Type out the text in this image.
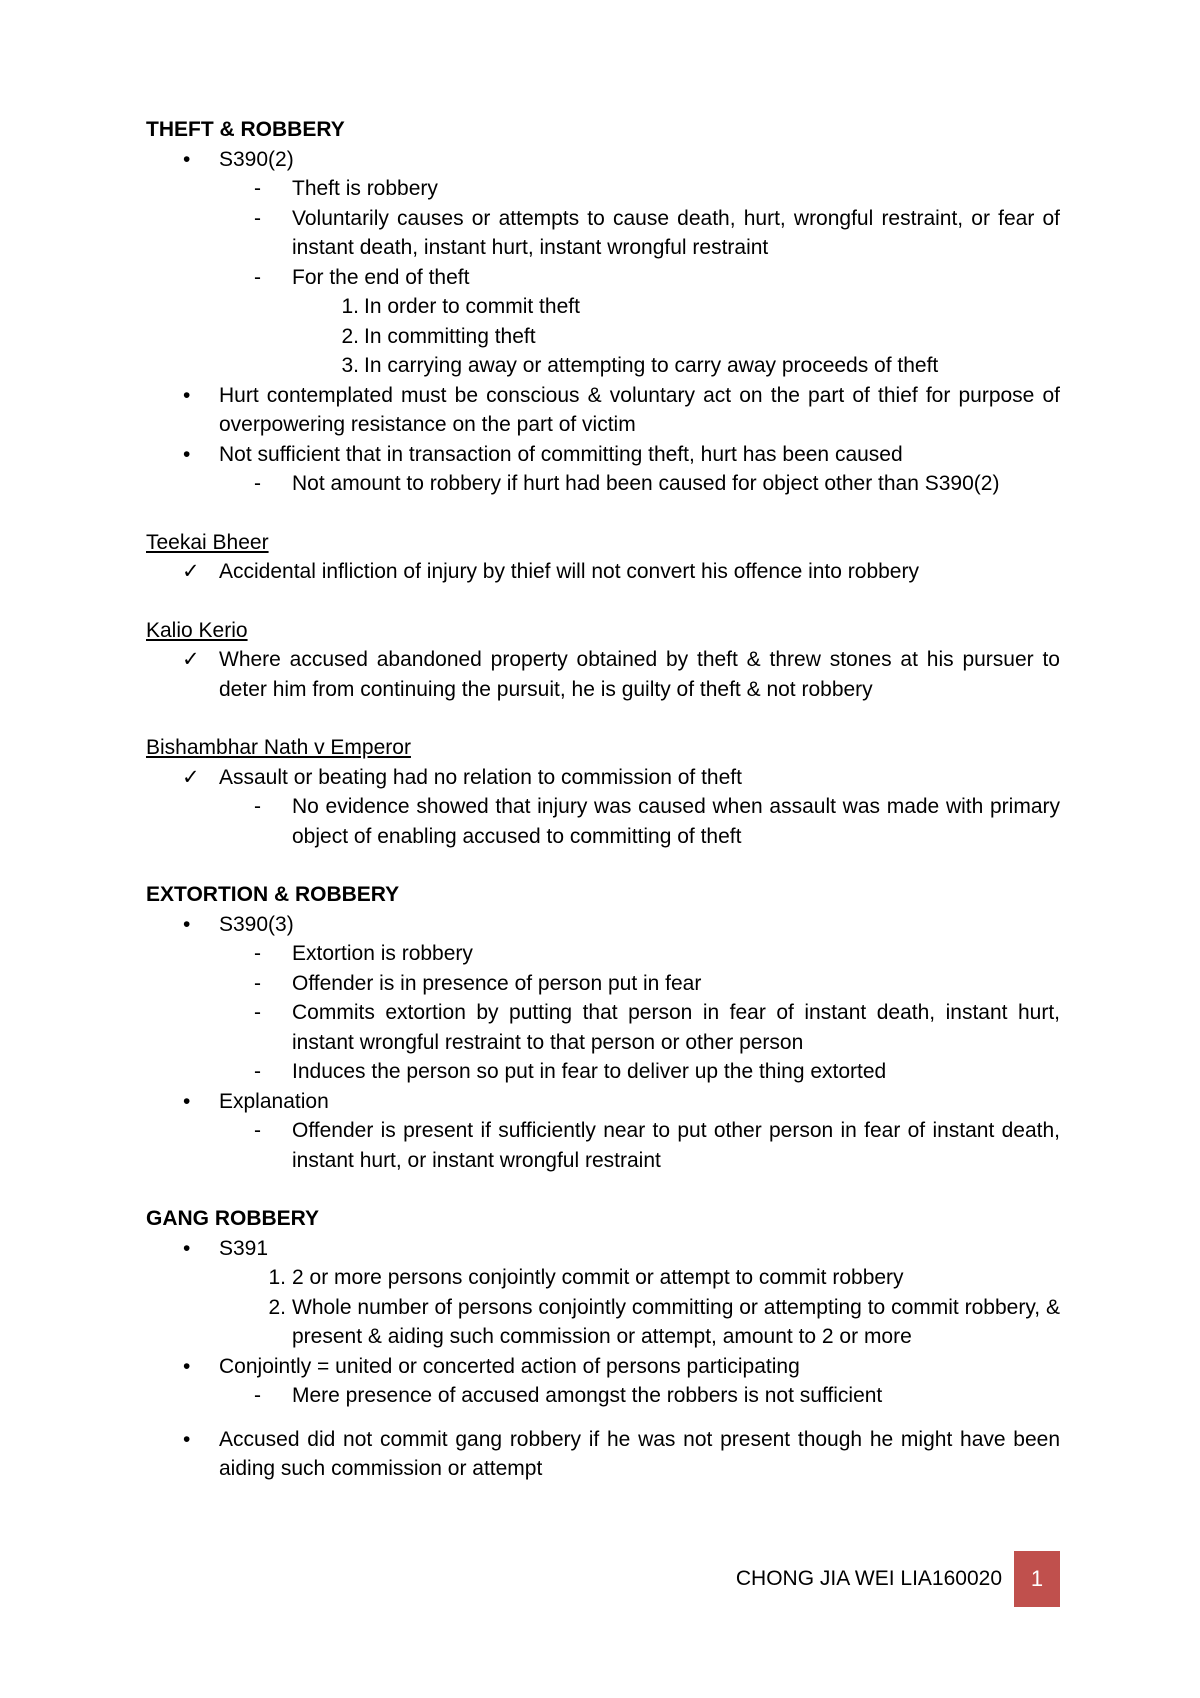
THEFT & ROBBERY

• S390(2)
- Theft is robbery
- Voluntarily causes or attempts to cause death, hurt, wrongful restraint, or fear of instant death, instant hurt, instant wrongful restraint
- For the end of theft
1. In order to commit theft
2. In committing theft
3. In carrying away or attempting to carry away proceeds of theft
• Hurt contemplated must be conscious & voluntary act on the part of thief for purpose of overpowering resistance on the part of victim
• Not sufficient that in transaction of committing theft, hurt has been caused
- Not amount to robbery if hurt had been caused for object other than S390(2)

Teekai Bheer

✓ Accidental infliction of injury by thief will not convert his offence into robbery

Kalio Kerio

✓ Where accused abandoned property obtained by theft & threw stones at his pursuer to deter him from continuing the pursuit, he is guilty of theft & not robbery

Bishambhar Nath v Emperor

✓ Assault or beating had no relation to commission of theft
- No evidence showed that injury was caused when assault was made with primary object of enabling accused to committing of theft

EXTORTION & ROBBERY

• S390(3)
- Extortion is robbery
- Offender is in presence of person put in fear
- Commits extortion by putting that person in fear of instant death, instant hurt, instant wrongful restraint to that person or other person
- Induces the person so put in fear to deliver up the thing extorted
• Explanation
- Offender is present if sufficiently near to put other person in fear of instant death, instant hurt, or instant wrongful restraint

GANG ROBBERY

• S391
1. 2 or more persons conjointly commit or attempt to commit robbery
2. Whole number of persons conjointly committing or attempting to commit robbery, & present & aiding such commission or attempt, amount to 2 or more
• Conjointly = united or concerted action of persons participating
- Mere presence of accused amongst the robbers is not sufficient
• Accused did not commit gang robbery if he was not present though he might have been aiding such commission or attempt
CHONG JIA WEI LIA160020	1
